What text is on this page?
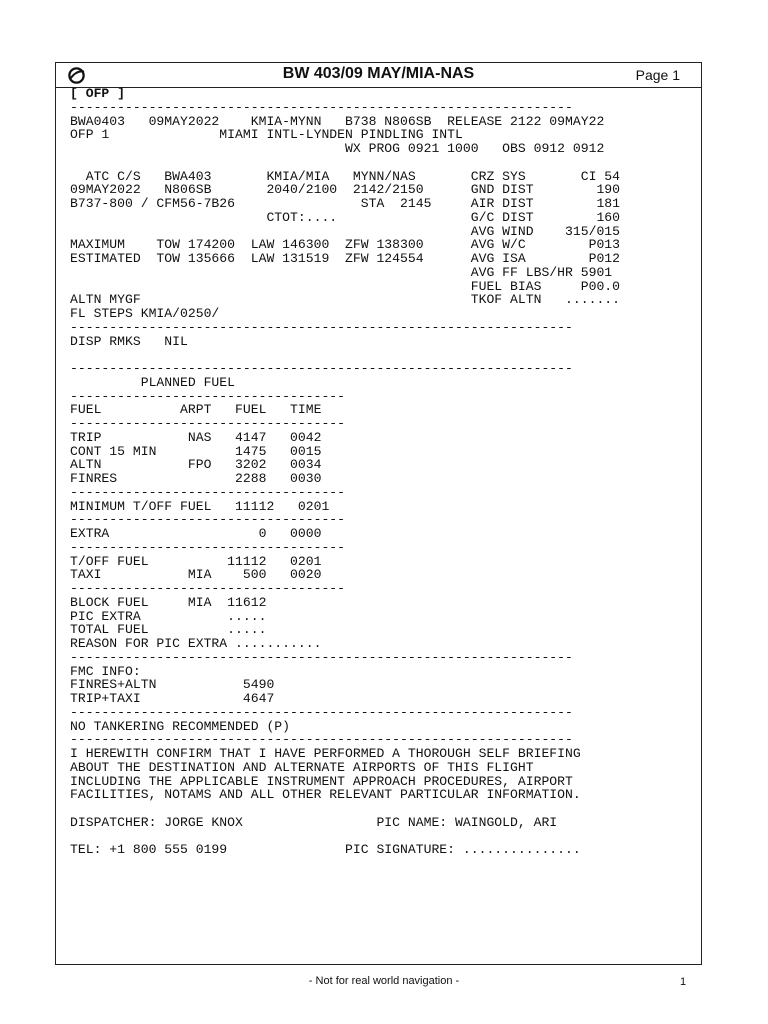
BW 403/09 MAY/MIA-NAS	Page 1
[ OFP ]
----------------------------------------------------------------
BWA0403   09MAY2022    KMIA-MYNN   B738 N806SB  RELEASE 2122 09MAY22
OFP 1              MIAMI INTL-LYNDEN PINDLING INTL
WX PROG 0921 1000   OBS 0912 0912
ATC C/S   BWA403       KMIA/MIA   MYNN/NAS       CRZ SYS       CI 54
09MAY2022   N806SB       2040/2100  2142/2150      GND DIST        190
B737-800 / CFM56-7B26                STA  2145     AIR DIST        181
CTOT:....                 G/C DIST        160
AVG WIND    315/015
MAXIMUM    TOW 174200  LAW 146300  ZFW 138300      AVG W/C        P013
ESTIMATED  TOW 135666  LAW 131519  ZFW 124554      AVG ISA        P012
AVG FF LBS/HR 5901
FUEL BIAS     P00.0
ALTN MYGF                                          TKOF ALTN   .......
FL STEPS KMIA/0250/
----------------------------------------------------------------
DISP RMKS   NIL
----------------------------------------------------------------
PLANNED FUEL
-----------------------------------
FUEL          ARPT   FUEL   TIME
-----------------------------------
TRIP           NAS   4147   0042
CONT 15 MIN          1475   0015
ALTN           FPO   3202   0034
FINRES               2288   0030
-----------------------------------
MINIMUM T/OFF FUEL   11112   0201
-----------------------------------
EXTRA                   0   0000
-----------------------------------
T/OFF FUEL          11112   0201
TAXI           MIA    500   0020
-----------------------------------
BLOCK FUEL     MIA  11612
PIC EXTRA           .....
TOTAL FUEL          .....
REASON FOR PIC EXTRA ...........
----------------------------------------------------------------
FMC INFO:
FINRES+ALTN           5490
TRIP+TAXI             4647
----------------------------------------------------------------
NO TANKERING RECOMMENDED (P)
----------------------------------------------------------------
I HEREWITH CONFIRM THAT I HAVE PERFORMED A THOROUGH SELF BRIEFING
ABOUT THE DESTINATION AND ALTERNATE AIRPORTS OF THIS FLIGHT
INCLUDING THE APPLICABLE INSTRUMENT APPROACH PROCEDURES, AIRPORT
FACILITIES, NOTAMS AND ALL OTHER RELEVANT PARTICULAR INFORMATION.
DISPATCHER: JORGE KNOX                 PIC NAME: WAINGOLD, ARI
TEL: +1 800 555 0199               PIC SIGNATURE: ...............
- Not for real world navigation -	1
